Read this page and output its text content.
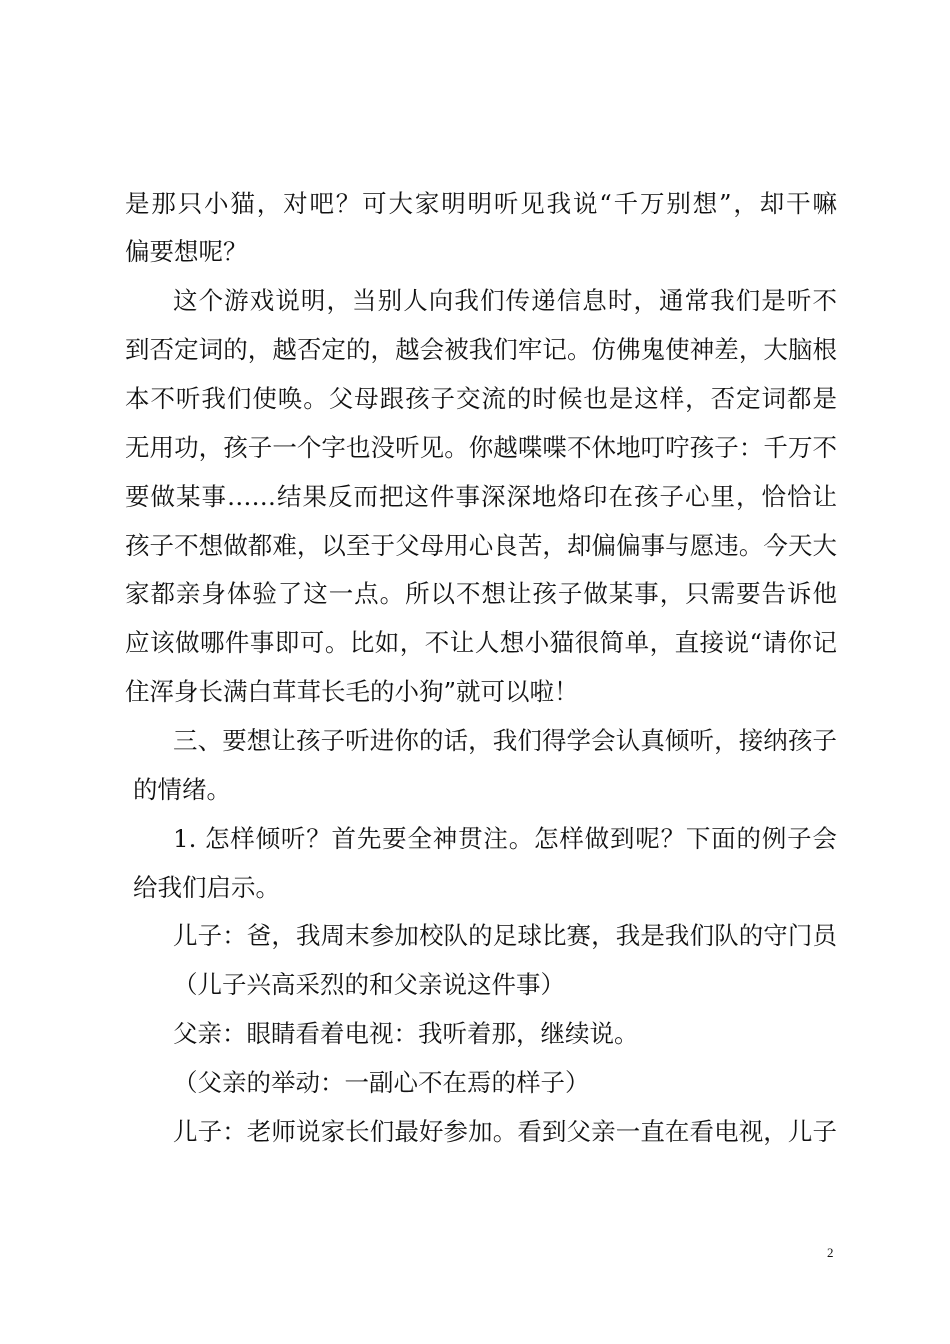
是那只小猫，对吧？可大家明明听见我说“千万别想”，却干嘛
偏要想呢？
这个游戏说明，当别人向我们传递信息时，通常我们是听不
到否定词的，越否定的，越会被我们牢记。仿佛鬼使神差，大脑根
本不听我们使唤。父母跟孩子交流的时候也是这样，否定词都是
无用功，孩子一个字也没听见。你越喋喋不休地叮咛孩子：千万不
要做某事……结果反而把这件事深深地烙印在孩子心里，恰恰让
孩子不想做都难，以至于父母用心良苦，却偏偏事与愿违。今天大
家都亲身体验了这一点。所以不想让孩子做某事，只需要告诉他
应该做哪件事即可。比如，不让人想小猫很简单，直接说“请你记
住浑身长满白茸茸长毛的小狗”就可以啦！
三、要想让孩子听进你的话，我们得学会认真倾听，接纳孩子
的情绪。
1. 怎样倾听？首先要全神贯注。怎样做到呢？下面的例子会
给我们启示。
儿子：爸，我周末参加校队的足球比赛，我是我们队的守门员
（儿子兴高采烈的和父亲说这件事）
父亲：眼睛看着电视：我听着那，继续说。
（父亲的举动：一副心不在焉的样子）
儿子：老师说家长们最好参加。看到父亲一直在看电视，儿子
2
